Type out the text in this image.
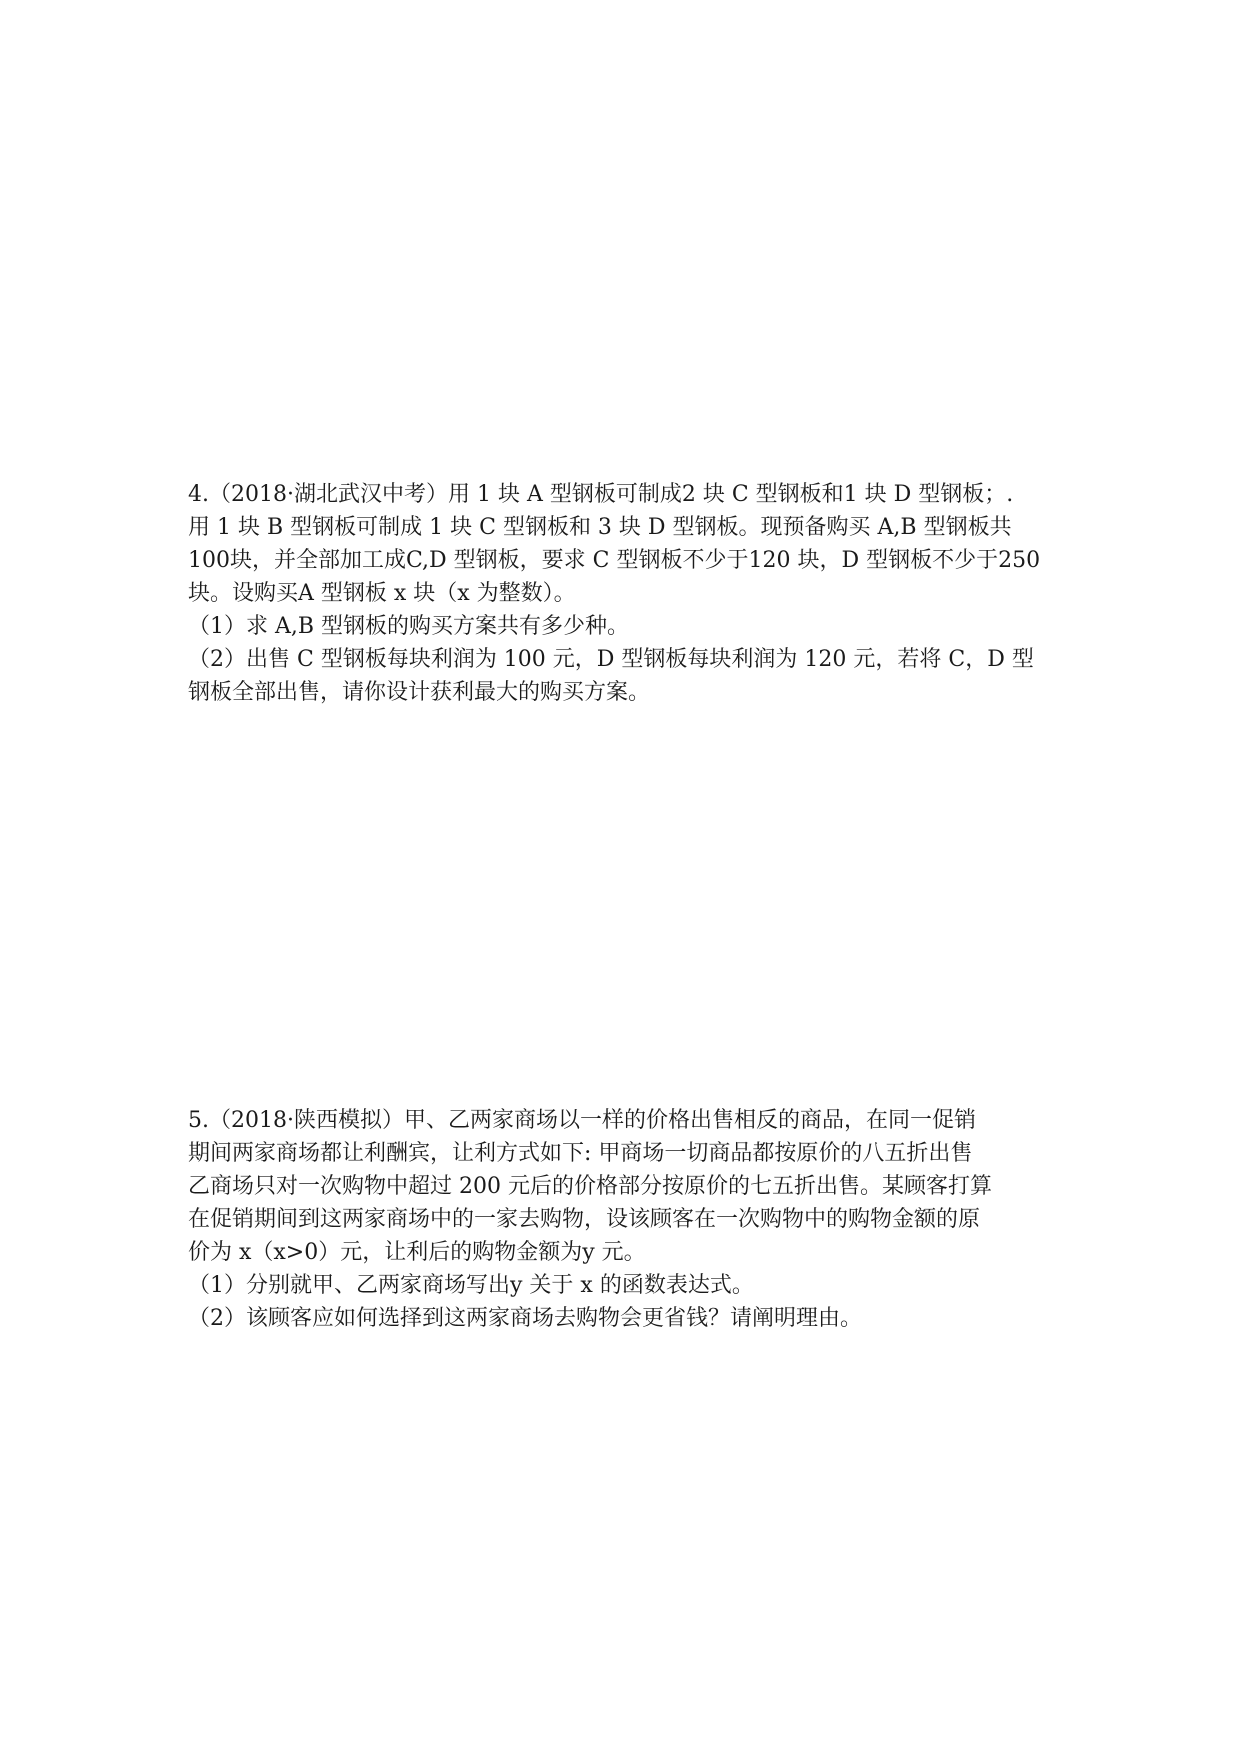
4.（2018·湖北武汉中考）用 1 块 A 型钢板可制成2 块 C 型钢板和1 块 D 型钢板；.

用 1 块 B 型钢板可制成 1 块 C 型钢板和 3 块 D 型钢板。现预备购买 A,B 型钢板共

100块，并全部加工成C,D 型钢板，要求 C 型钢板不少于120 块，D 型钢板不少于250

块。设购买A 型钢板 x 块（x 为整数）。

（1）求 A,B 型钢板的购买方案共有多少种。

（2）出售 C 型钢板每块利润为 100 元，D 型钢板每块利润为 120 元，若将 C，D 型

钢板全部出售，请你设计获利最大的购买方案。

5.（2018·陕西模拟）甲、乙两家商场以一样的价格出售相反的商品，在同一促销

期间两家商场都让利酬宾，让利方式如下: 甲商场一切商品都按原价的八五折出售

乙商场只对一次购物中超过 200 元后的价格部分按原价的七五折出售。某顾客打算

在促销期间到这两家商场中的一家去购物，设该顾客在一次购物中的购物金额的原

价为 x（x>0）元，让利后的购物金额为y 元。

（1）分别就甲、乙两家商场写出y 关于 x 的函数表达式。

（2）该顾客应如何选择到这两家商场去购物会更省钱？请阐明理由。
